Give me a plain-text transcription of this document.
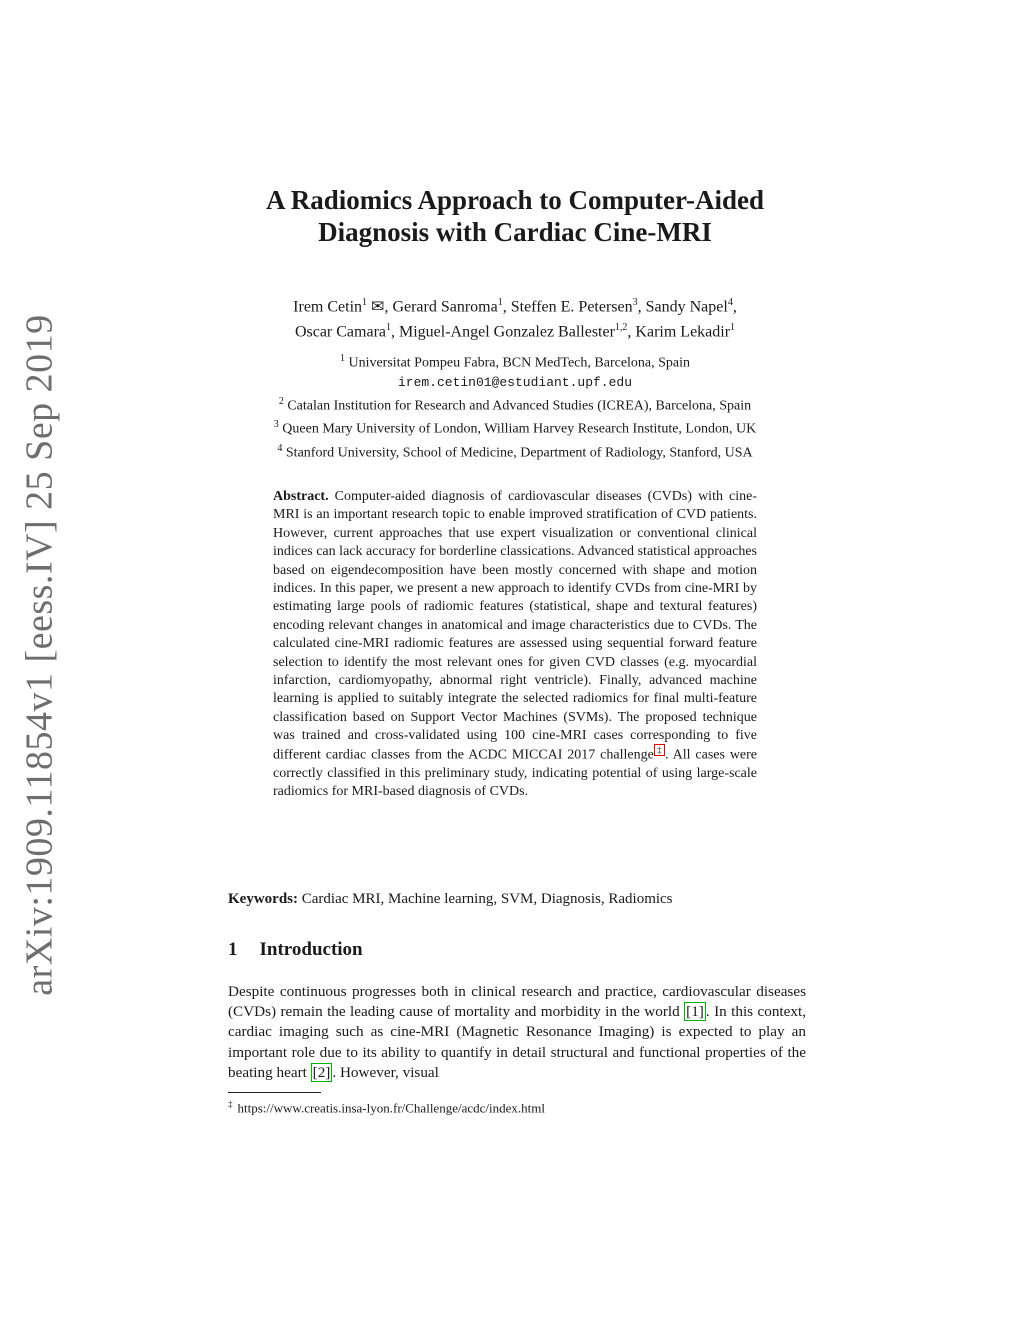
arXiv:1909.11854v1 [eess.IV] 25 Sep 2019
A Radiomics Approach to Computer-Aided
Diagnosis with Cardiac Cine-MRI
Irem Cetin$^1$ ✉, Gerard Sanroma$^1$, Steffen E. Petersen$^3$, Sandy Napel$^4$,
Oscar Camara$^1$, Miguel-Angel Gonzalez Ballester$^{1,2}$, Karim Lekadir$^1$
$^1$ Universitat Pompeu Fabra, BCN MedTech, Barcelona, Spain
irem.cetin01@estudiant.upf.edu
$^2$ Catalan Institution for Research and Advanced Studies (ICREA), Barcelona, Spain
$^3$ Queen Mary University of London, William Harvey Research Institute, London, UK
$^4$ Stanford University, School of Medicine, Department of Radiology, Stanford, USA

Abstract. Computer-aided diagnosis of cardiovascular diseases (CVDs) with cine-MRI is an important research topic to enable improved stratification of CVD patients. However, current approaches that use expert visualization or conventional clinical indices can lack accuracy for borderline classications. Advanced statistical approaches based on eigendecomposition have been mostly concerned with shape and motion indices. In this paper, we present a new approach to identify CVDs from cine-MRI by estimating large pools of radiomic features (statistical, shape and textural features) encoding relevant changes in anatomical and image characteristics due to CVDs. The calculated cine-MRI radiomic features are assessed using sequential forward feature selection to identify the most relevant ones for given CVD classes (e.g. myocardial infarction, cardiomyopathy, abnormal right ventricle). Finally, advanced machine learning is applied to suitably integrate the selected radiomics for final multi-feature classification based on Support Vector Machines (SVMs). The proposed technique was trained and cross-validated using 100 cine-MRI cases corresponding to five different cardiac classes from the ACDC MICCAI 2017 challenge ‡ . All cases were correctly classified in this preliminary study, indicating potential of using large-scale radiomics for MRI-based diagnosis of CVDs.

Keywords: Cardiac MRI, Machine learning, SVM, Diagnosis, Radiomics

1 Introduction

Despite continuous progresses both in clinical research and practice, cardiovascular diseases (CVDs) remain the leading cause of mortality and morbidity in the world [1] . In this context, cardiac imaging such as cine-MRI (Magnetic Resonance Imaging) is expected to play an important role due to its ability to quantify in detail structural and functional properties of the beating heart [2] . However, visual

‡ https://www.creatis.insa-lyon.fr/Challenge/acdc/index.html
